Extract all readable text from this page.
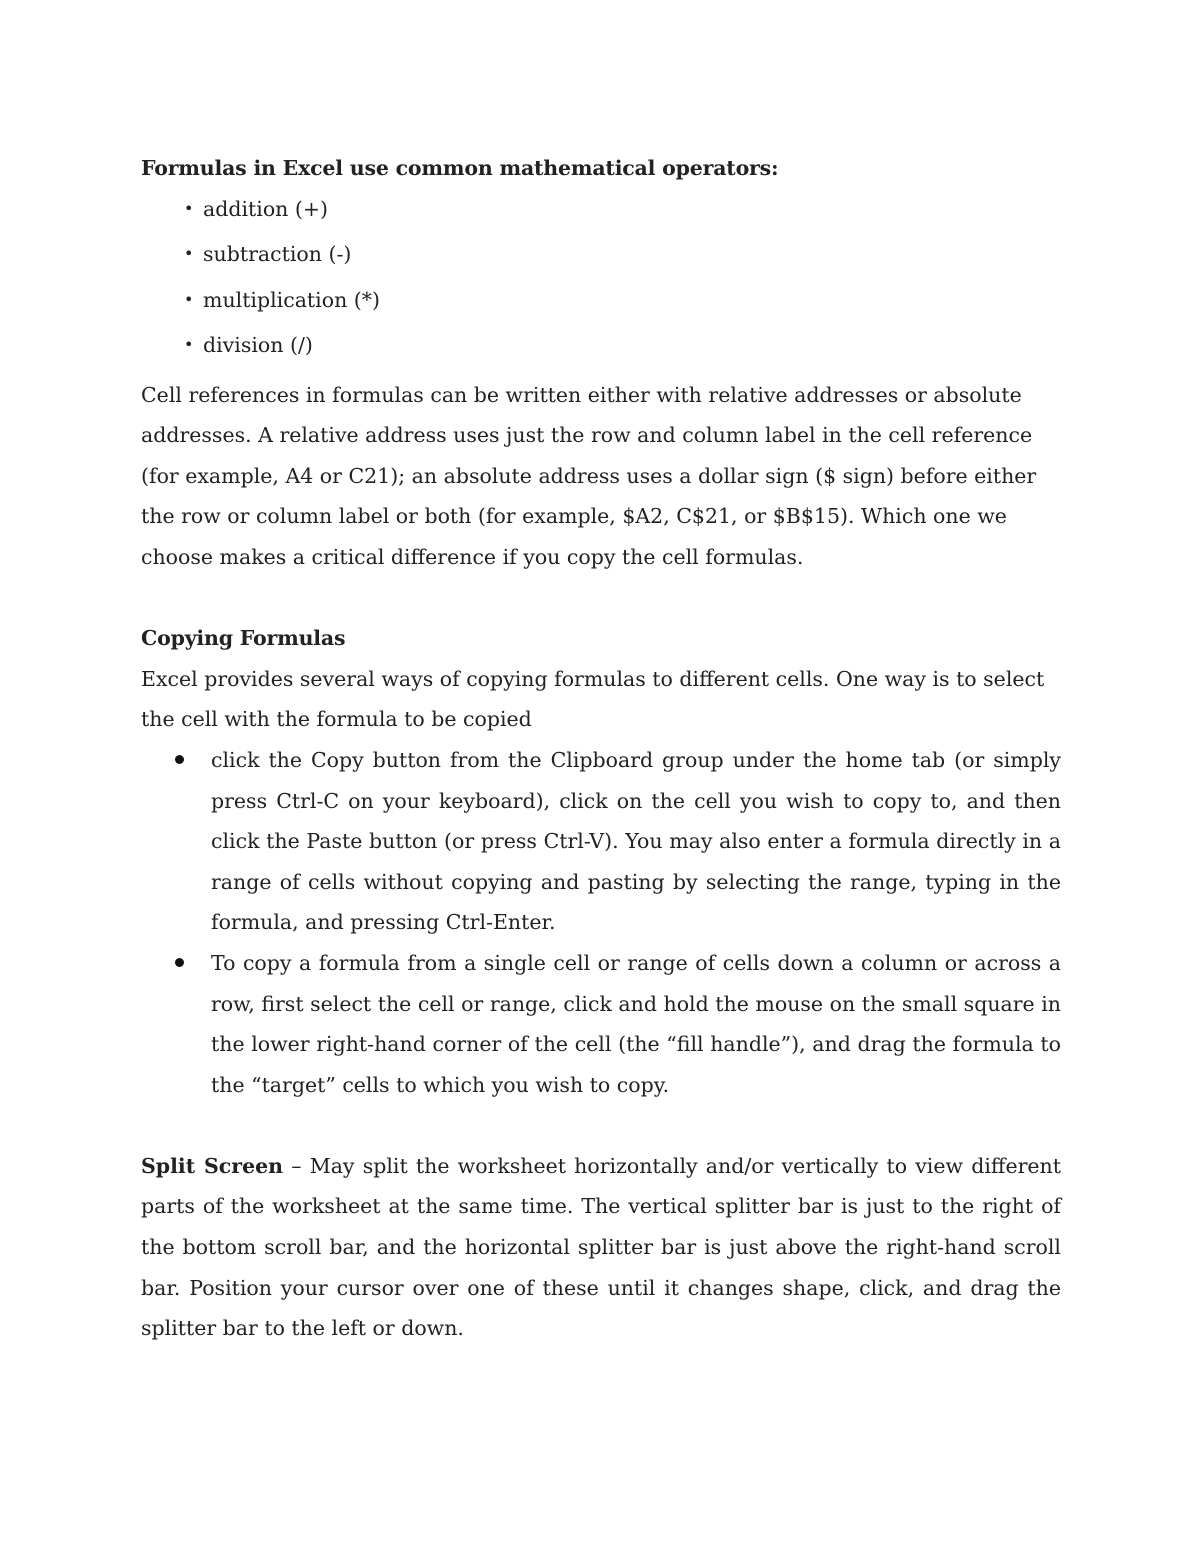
Formulas in Excel use common mathematical operators:

• addition (+)
• subtraction (-)
• multiplication (*)
• division (/)

Cell references in formulas can be written either with relative addresses or absolute addresses. A relative address uses just the row and column label in the cell reference (for example, A4 or C21); an absolute address uses a dollar sign ($ sign) before either the row or column label or both (for example, $A2, C$21, or $B$15). Which one we choose makes a critical difference if you copy the cell formulas.

Copying Formulas

Excel provides several ways of copying formulas to different cells. One way is to select the cell with the formula to be copied

click the Copy button from the Clipboard group under the home tab (or simply press Ctrl-C on your keyboard), click on the cell you wish to copy to, and then click the Paste button (or press Ctrl-V). You may also enter a formula directly in a range of cells without copying and pasting by selecting the range, typing in the formula, and pressing Ctrl-Enter.
To copy a formula from a single cell or range of cells down a column or across a row, first select the cell or range, click and hold the mouse on the small square in the lower right-hand corner of the cell (the “fill handle”), and drag the formula to the “target” cells to which you wish to copy.

Split Screen – May split the worksheet horizontally and/or vertically to view different parts of the worksheet at the same time. The vertical splitter bar is just to the right of the bottom scroll bar, and the horizontal splitter bar is just above the right-hand scroll bar. Position your cursor over one of these until it changes shape, click, and drag the splitter bar to the left or down.
